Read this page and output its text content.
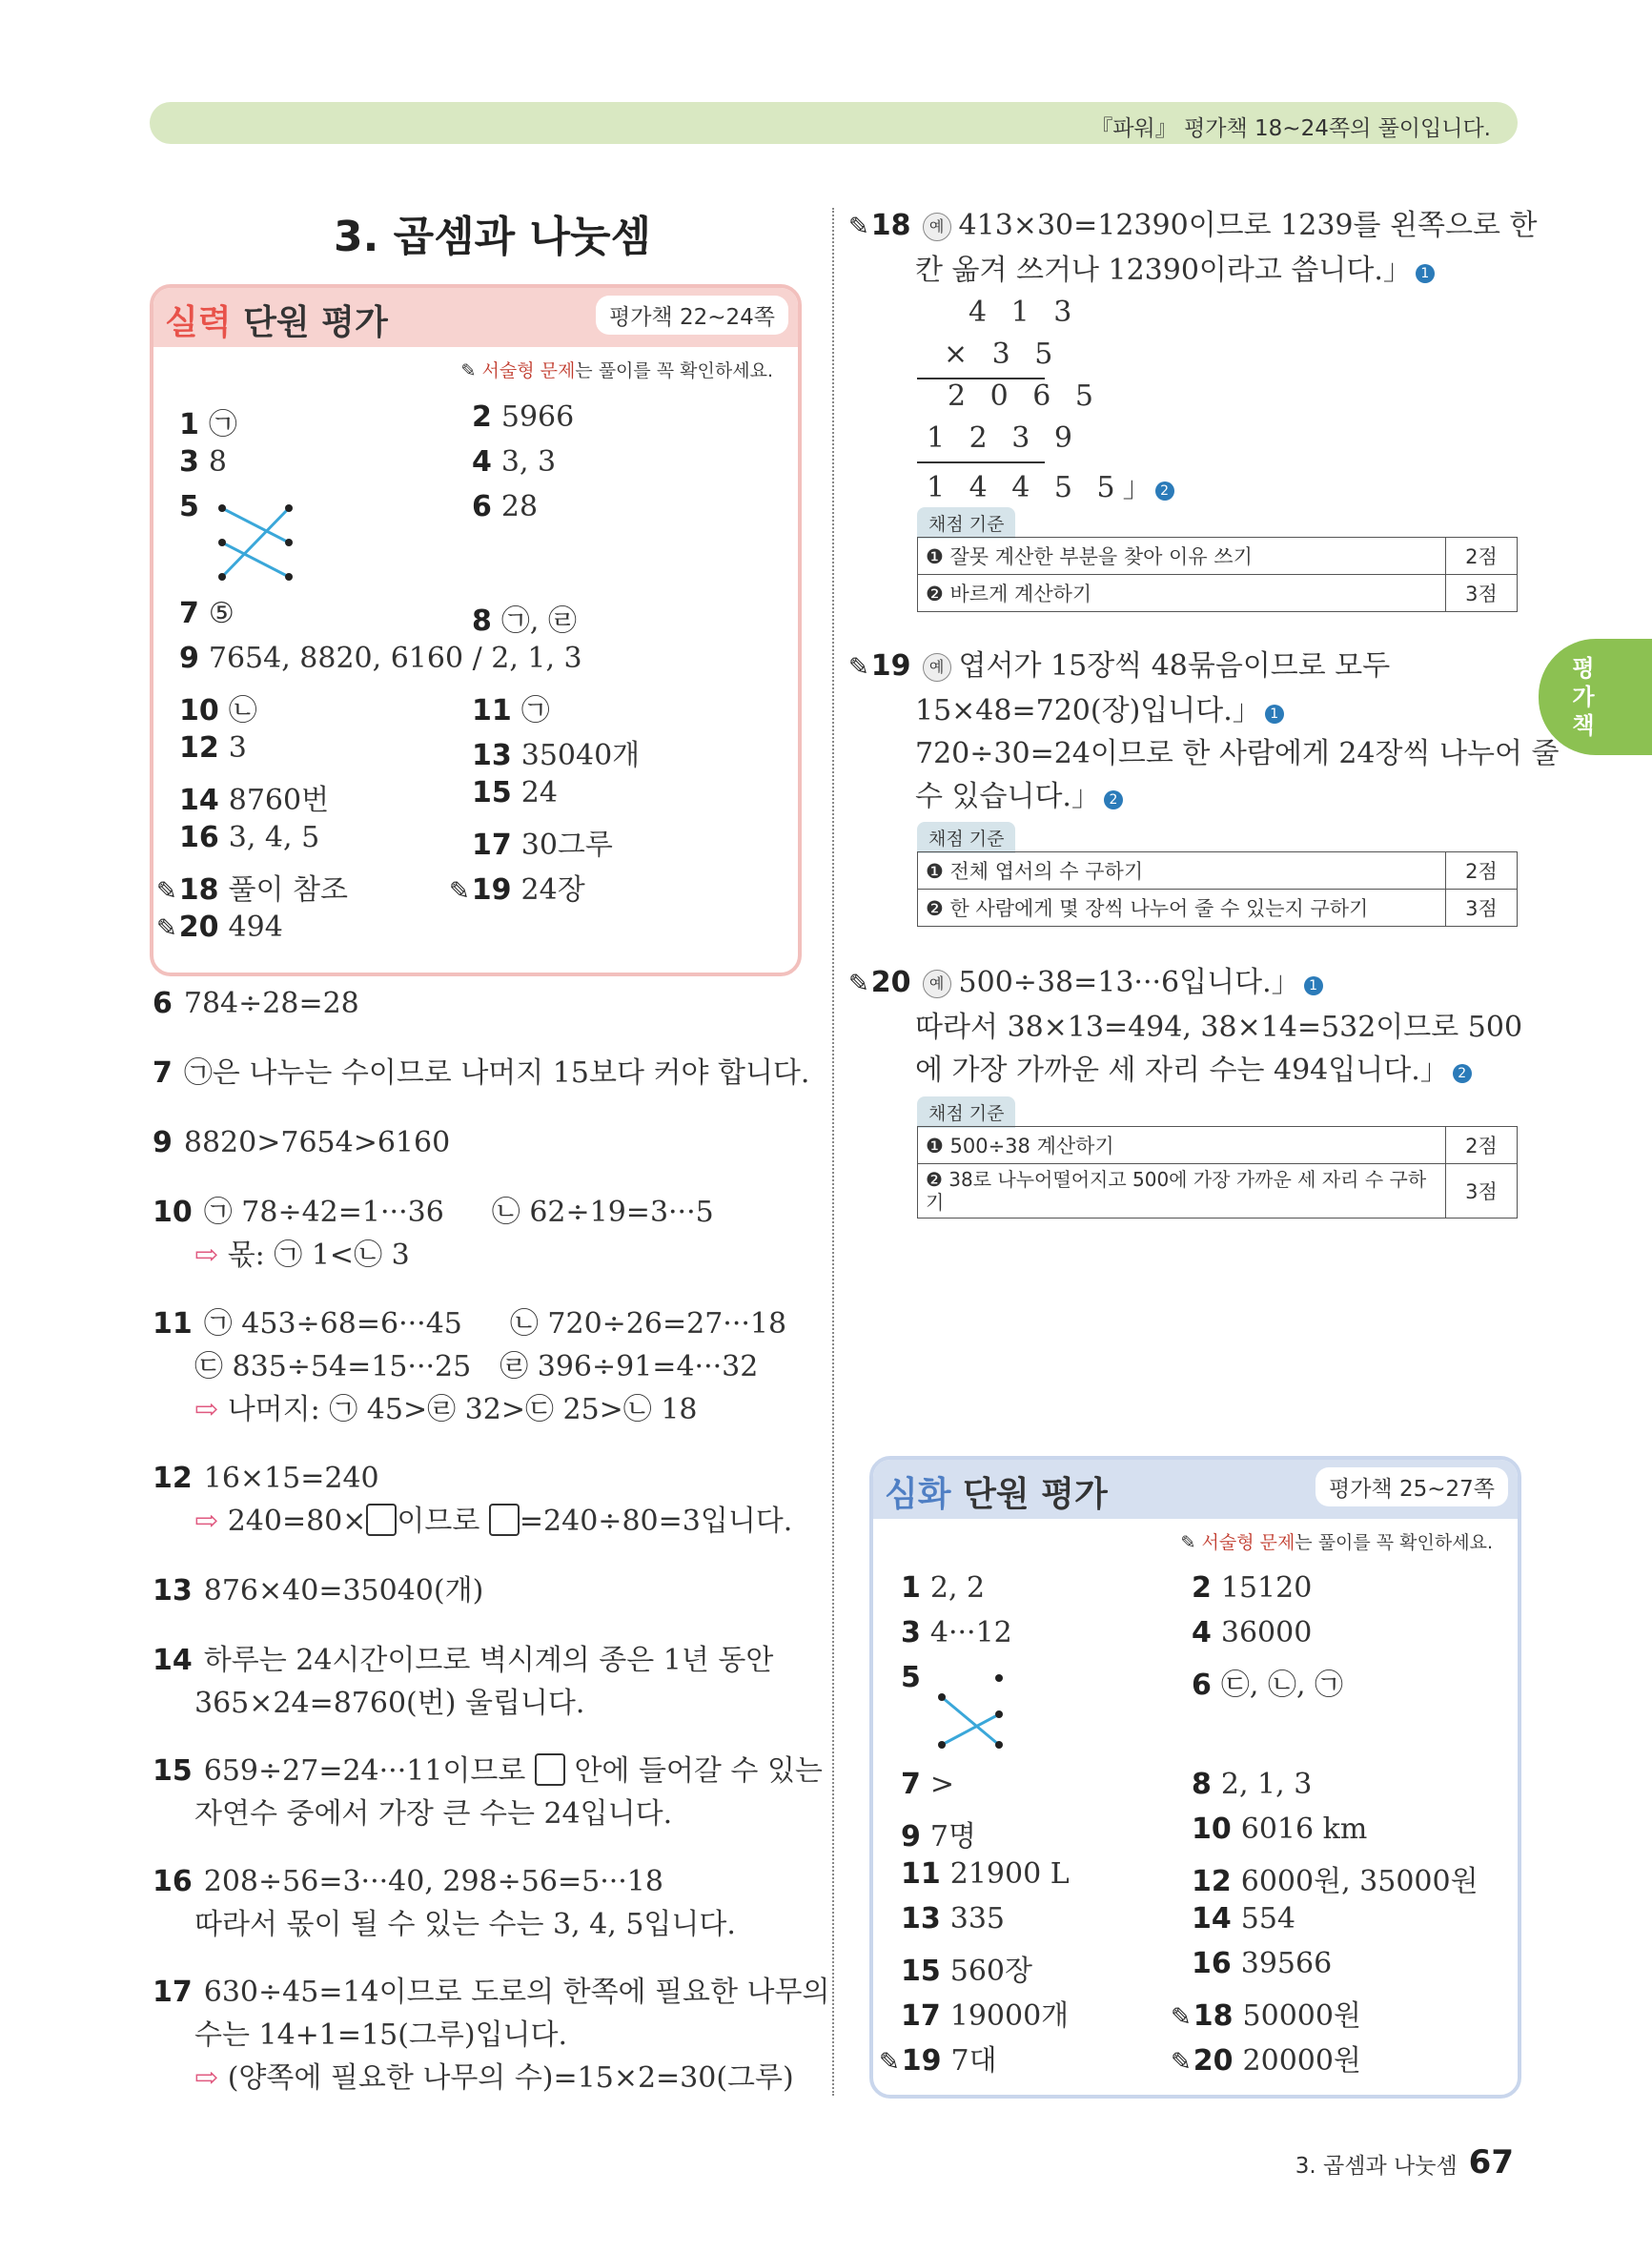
『파워』 평가책 18~24쪽의 풀이입니다.
평
가
책
3. 곱셈과 나눗셈
실력 단원 평가	평가책 22~24쪽
✎ 서술형 문제는 풀이를 꼭 확인하세요.
1 ㉠	2 5966
3 8	4 3, 3
5	6 28
7 ⑤	8 ㉠, ㉣
9 7654, 8820, 6160 / 2, 1, 3
10 ㉡	11 ㉠
12 3	13 35040개
14 8760번	15 24
16 3, 4, 5	17 30그루
✎18 풀이 참조	✎19 24장
✎20 494
6 784÷28=28
7 ㉠은 나누는 수이므로 나머지 15보다 커야 합니다.
9 8820>7654>6160
10 ㉠ 78÷42=1···36 ㉡ 62÷19=3···5
⇨ 몫: ㉠ 1<㉡ 3
11 ㉠ 453÷68=6···45 ㉡ 720÷26=27···18
㉢ 835÷54=15···25 ㉣ 396÷91=4···32
⇨ 나머지: ㉠ 45>㉣ 32>㉢ 25>㉡ 18
12 16×15=240
⇨ 240=80× 이므로 =240÷80=3입니다.
13 876×40=35040(개)
14 하루는 24시간이므로 벽시계의 종은 1년 동안
365×24=8760(번) 울립니다.
15 659÷27=24···11이므로 안에 들어갈 수 있는
자연수 중에서 가장 큰 수는 24입니다.
16 208÷56=3···40, 298÷56=5···18
따라서 몫이 될 수 있는 수는 3, 4, 5입니다.
17 630÷45=14이므로 도로의 한쪽에 필요한 나무의
수는 14+1=15(그루)입니다.
⇨ (양쪽에 필요한 나무의 수)=15×2=30(그루)
✎18 예 413×30=12390이므로 1239를 왼쪽으로 한
칸 옮겨 쓰거나 12390이라고 씁니다.」 1
4 1 3
× 3 5
2 0 6 5
1 2 3 9
1 4 4 5 5」 2
채점 기준
❶ 잘못 계산한 부분을 찾아 이유 쓰기	2점
❷ 바르게 계산하기	3점
✎19 예 엽서가 15장씩 48묶음이므로 모두
15×48=720(장)입니다.」 1
720÷30=24이므로 한 사람에게 24장씩 나누어 줄
수 있습니다.」 2
채점 기준
❶ 전체 엽서의 수 구하기	2점
❷ 한 사람에게 몇 장씩 나누어 줄 수 있는지 구하기	3점
✎20 예 500÷38=13···6입니다.」 1
따라서 38×13=494, 38×14=532이므로 500
에 가장 가까운 세 자리 수는 494입니다.」 2
채점 기준
❶ 500÷38 계산하기	2점
❷ 38로 나누어떨어지고 500에 가장 가까운 세 자리 수 구하기	3점
심화 단원 평가	평가책 25~27쪽
✎ 서술형 문제는 풀이를 꼭 확인하세요.
1 2, 2	2 15120
3 4···12	4 36000
5	6 ㉢, ㉡, ㉠
7 >	8 2, 1, 3
9 7명	10 6016 km
11 21900 L	12 6000원, 35000원
13 335	14 554
15 560장	16 39566
17 19000개	✎18 50000원
✎19 7대	✎20 20000원
3. 곱셈과 나눗셈 67
